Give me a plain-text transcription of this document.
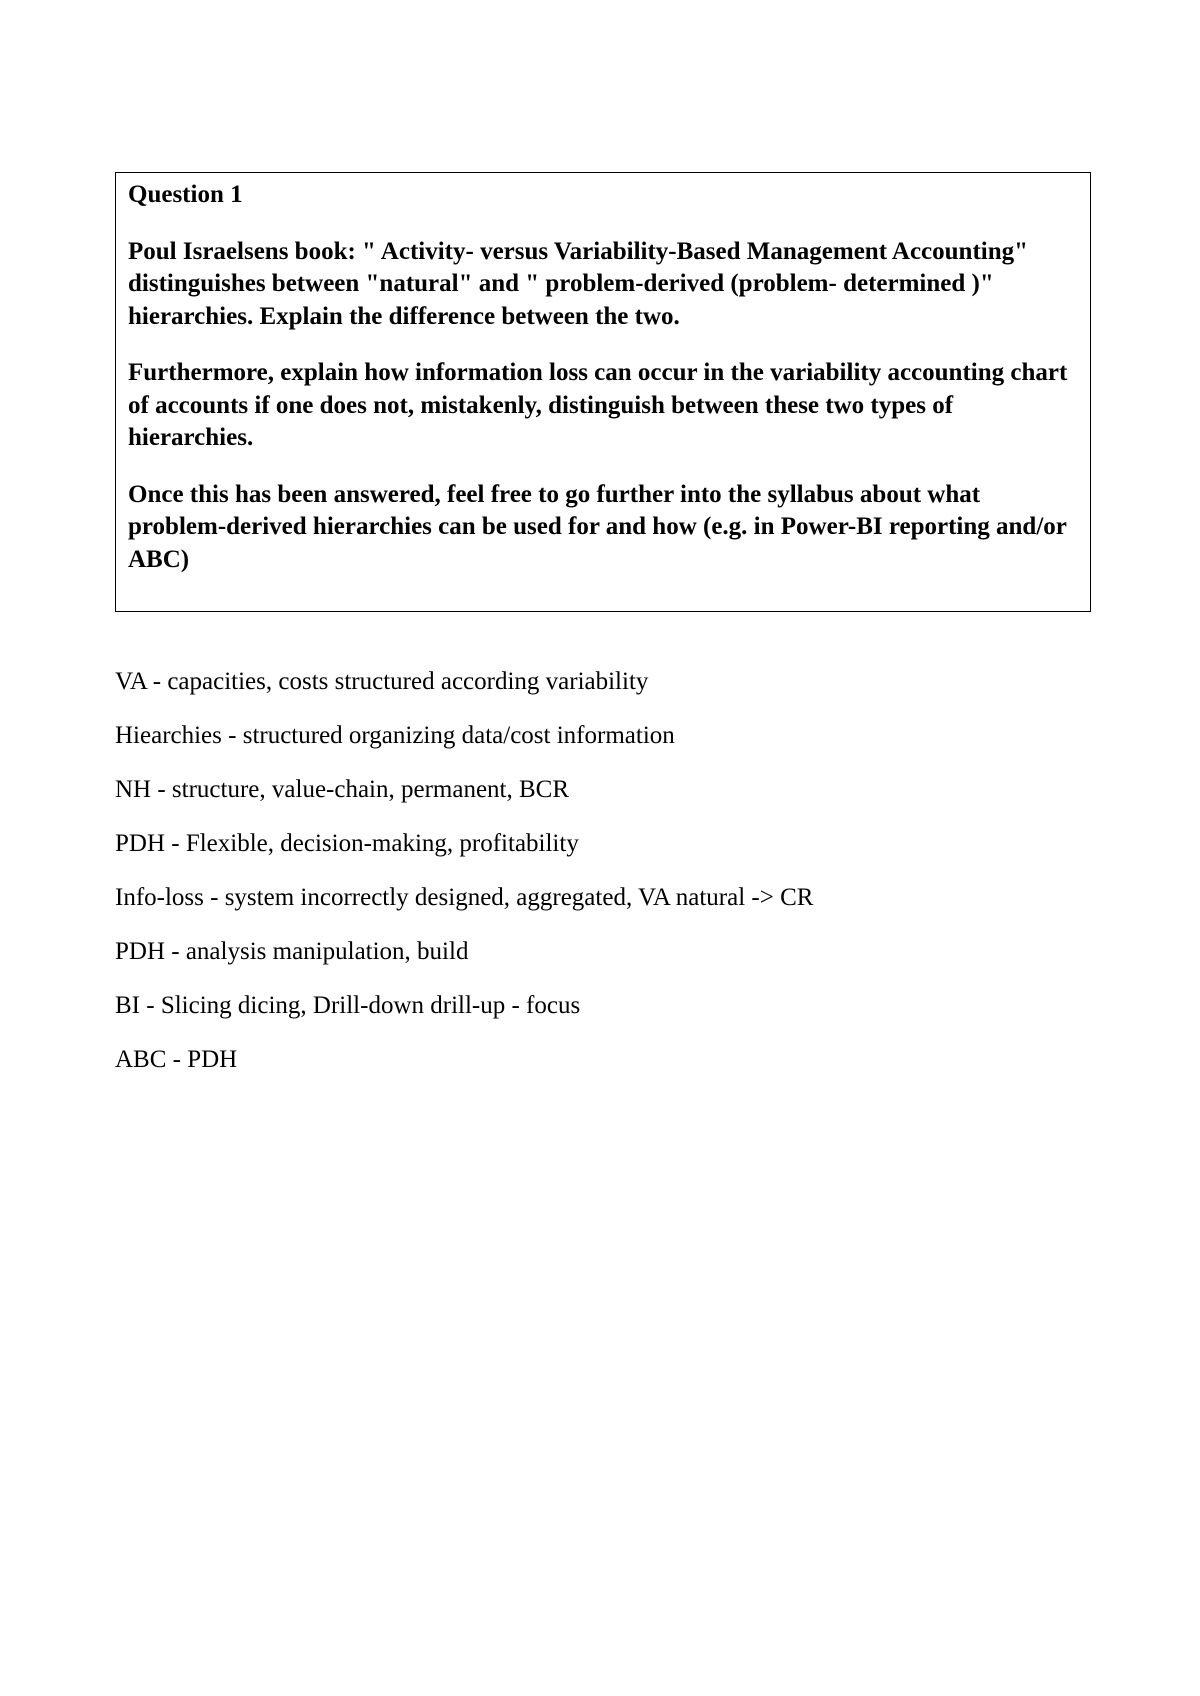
Question 1

Poul Israelsens book: " Activity- versus Variability-Based Management Accounting" distinguishes between "natural" and " problem-derived (problem- determined )" hierarchies. Explain the difference between the two.

Furthermore, explain how information loss can occur in the variability accounting chart of accounts if one does not, mistakenly, distinguish between these two types of hierarchies.

Once this has been answered, feel free to go further into the syllabus about what problem-derived hierarchies can be used for and how (e.g. in Power-BI reporting and/or ABC)

VA - capacities, costs structured according variability

Hiearchies - structured organizing data/cost information

NH - structure, value-chain, permanent, BCR

PDH - Flexible, decision-making, profitability

Info-loss - system incorrectly designed, aggregated, VA natural -> CR

PDH - analysis manipulation, build

BI - Slicing dicing, Drill-down drill-up - focus

ABC - PDH
